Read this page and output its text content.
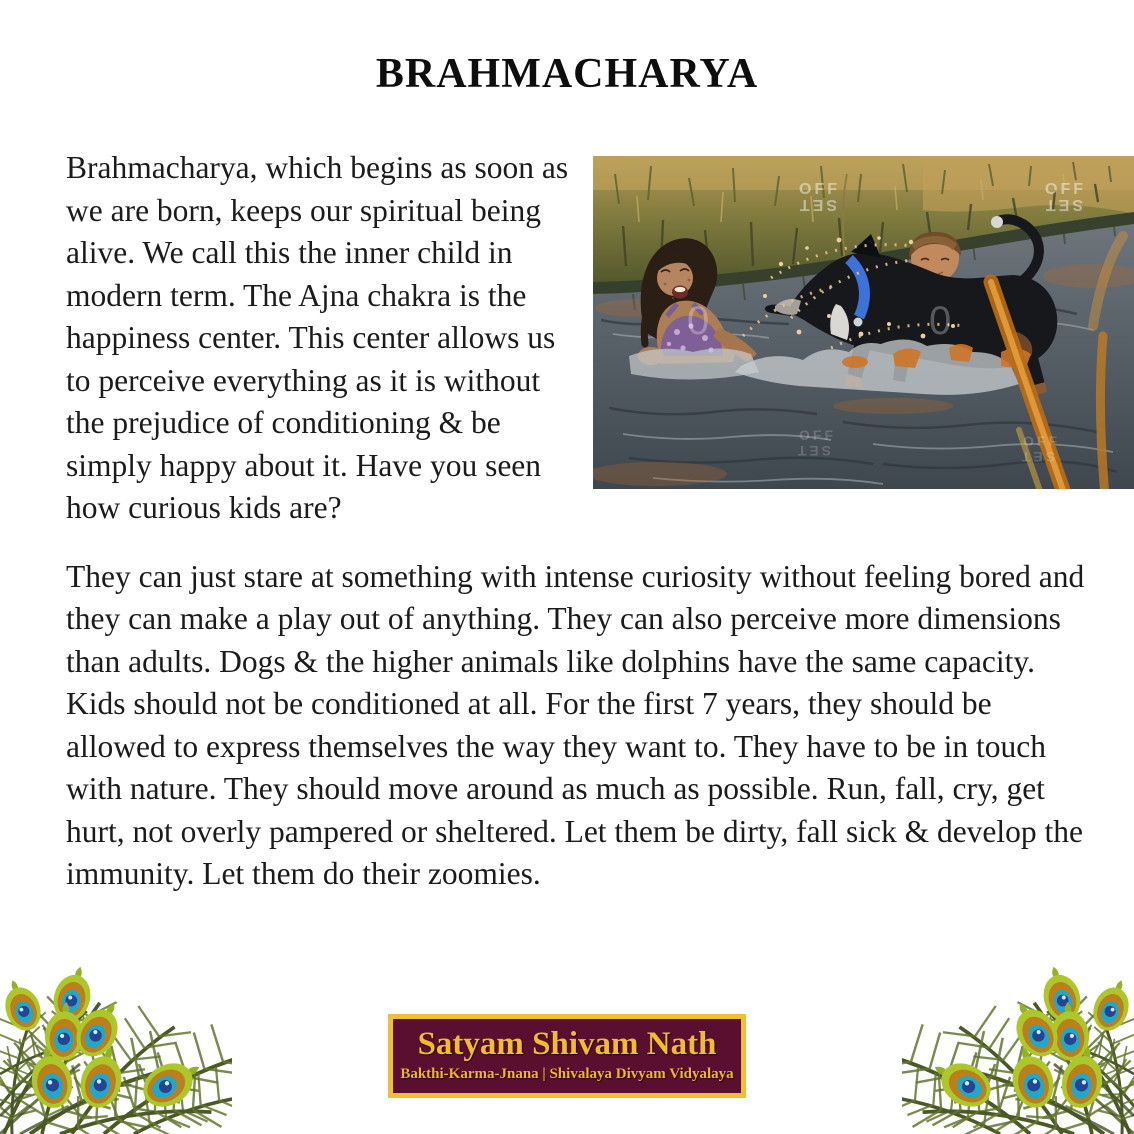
BRAHMACHARYA
OFF
SET
OFF
SET
0	0
OFF
SET
OFF
SET

Brahmacharya, which begins as soon as we are born, keeps our spiritual being alive. We call this the inner child in modern term. The Ajna chakra is the happiness center. This center allows us to perceive everything as it is without the prejudice of conditioning & be simply happy about it. Have you seen how curious kids are?

They can just stare at something with intense curiosity without feeling bored and they can make a play out of anything. They can also perceive more dimensions than adults. Dogs & the higher animals like dolphins have the same capacity. Kids should not be conditioned at all. For the first 7 years, they should be allowed to express themselves the way they want to. They have to be in touch with nature. They should move around as much as possible. Run, fall, cry, get hurt, not overly pampered or sheltered. Let them be dirty, fall sick & develop the immunity. Let them do their zoomies.

Satyam Shivam Nath
Bakthi-Karma-Jnana | Shivalaya Divyam Vidyalaya
